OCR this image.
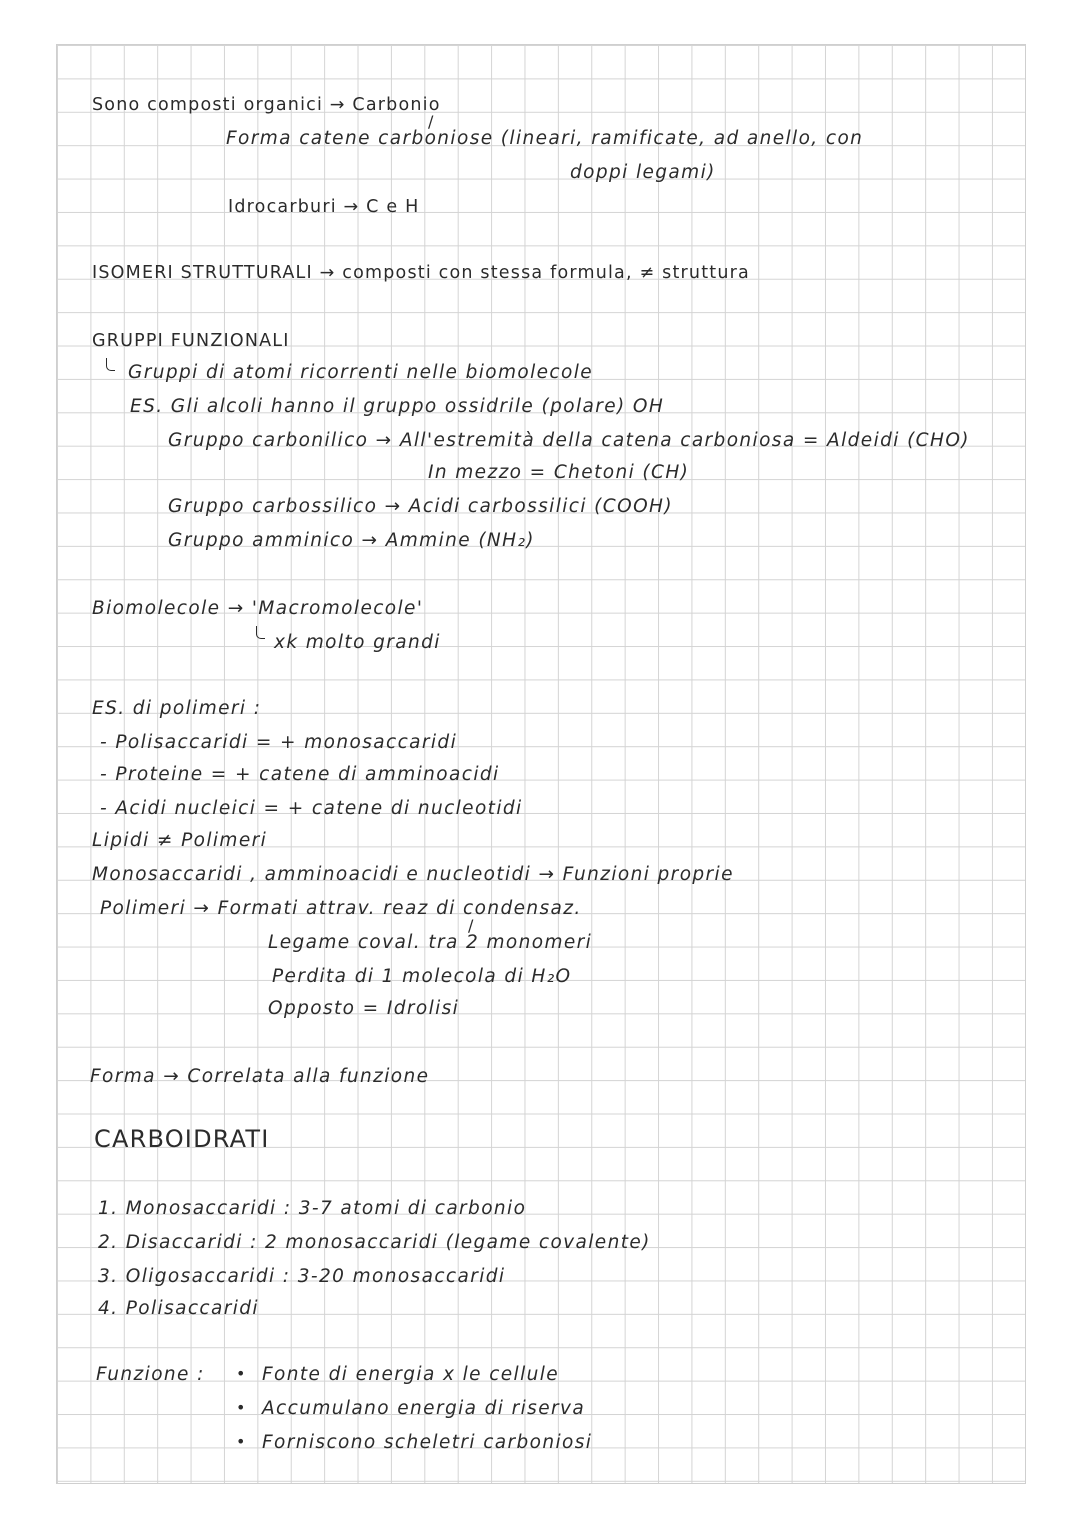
Sono composti organici → Carbonio
/
Forma catene carboniose (lineari, ramificate, ad anello, con
doppi legami)
Idrocarburi → C e H
ISOMERI STRUTTURALI → composti con stessa formula, ≠ struttura
GRUPPI FUNZIONALI
Gruppi di atomi ricorrenti nelle biomolecole
ES. Gli alcoli hanno il gruppo ossidrile (polare) OH
Gruppo carbonilico → All'estremità della catena carboniosa = Aldeidi (CHO)
In mezzo = Chetoni (CH)
Gruppo carbossilico → Acidi carbossilici (COOH)
Gruppo amminico → Ammine (NH₂)
Biomolecole → 'Macromolecole'
xk molto grandi
ES. di polimeri :
- Polisaccaridi = + monosaccaridi
- Proteine = + catene di amminoacidi
- Acidi nucleici = + catene di nucleotidi
Lipidi ≠ Polimeri
Monosaccaridi , amminoacidi e nucleotidi → Funzioni proprie
Polimeri → Formati attrav. reaz di condensaz.
/
Legame coval. tra 2 monomeri
Perdita di 1 molecola di H₂O
Opposto = Idrolisi
Forma → Correlata alla funzione
CARBOIDRATI
1. Monosaccaridi : 3-7 atomi di carbonio
2. Disaccaridi : 2 monosaccaridi (legame covalente)
3. Oligosaccaridi : 3-20 monosaccaridi
4. Polisaccaridi
Funzione : • Fonte di energia x le cellule
• Accumulano energia di riserva
• Forniscono scheletri carboniosi
